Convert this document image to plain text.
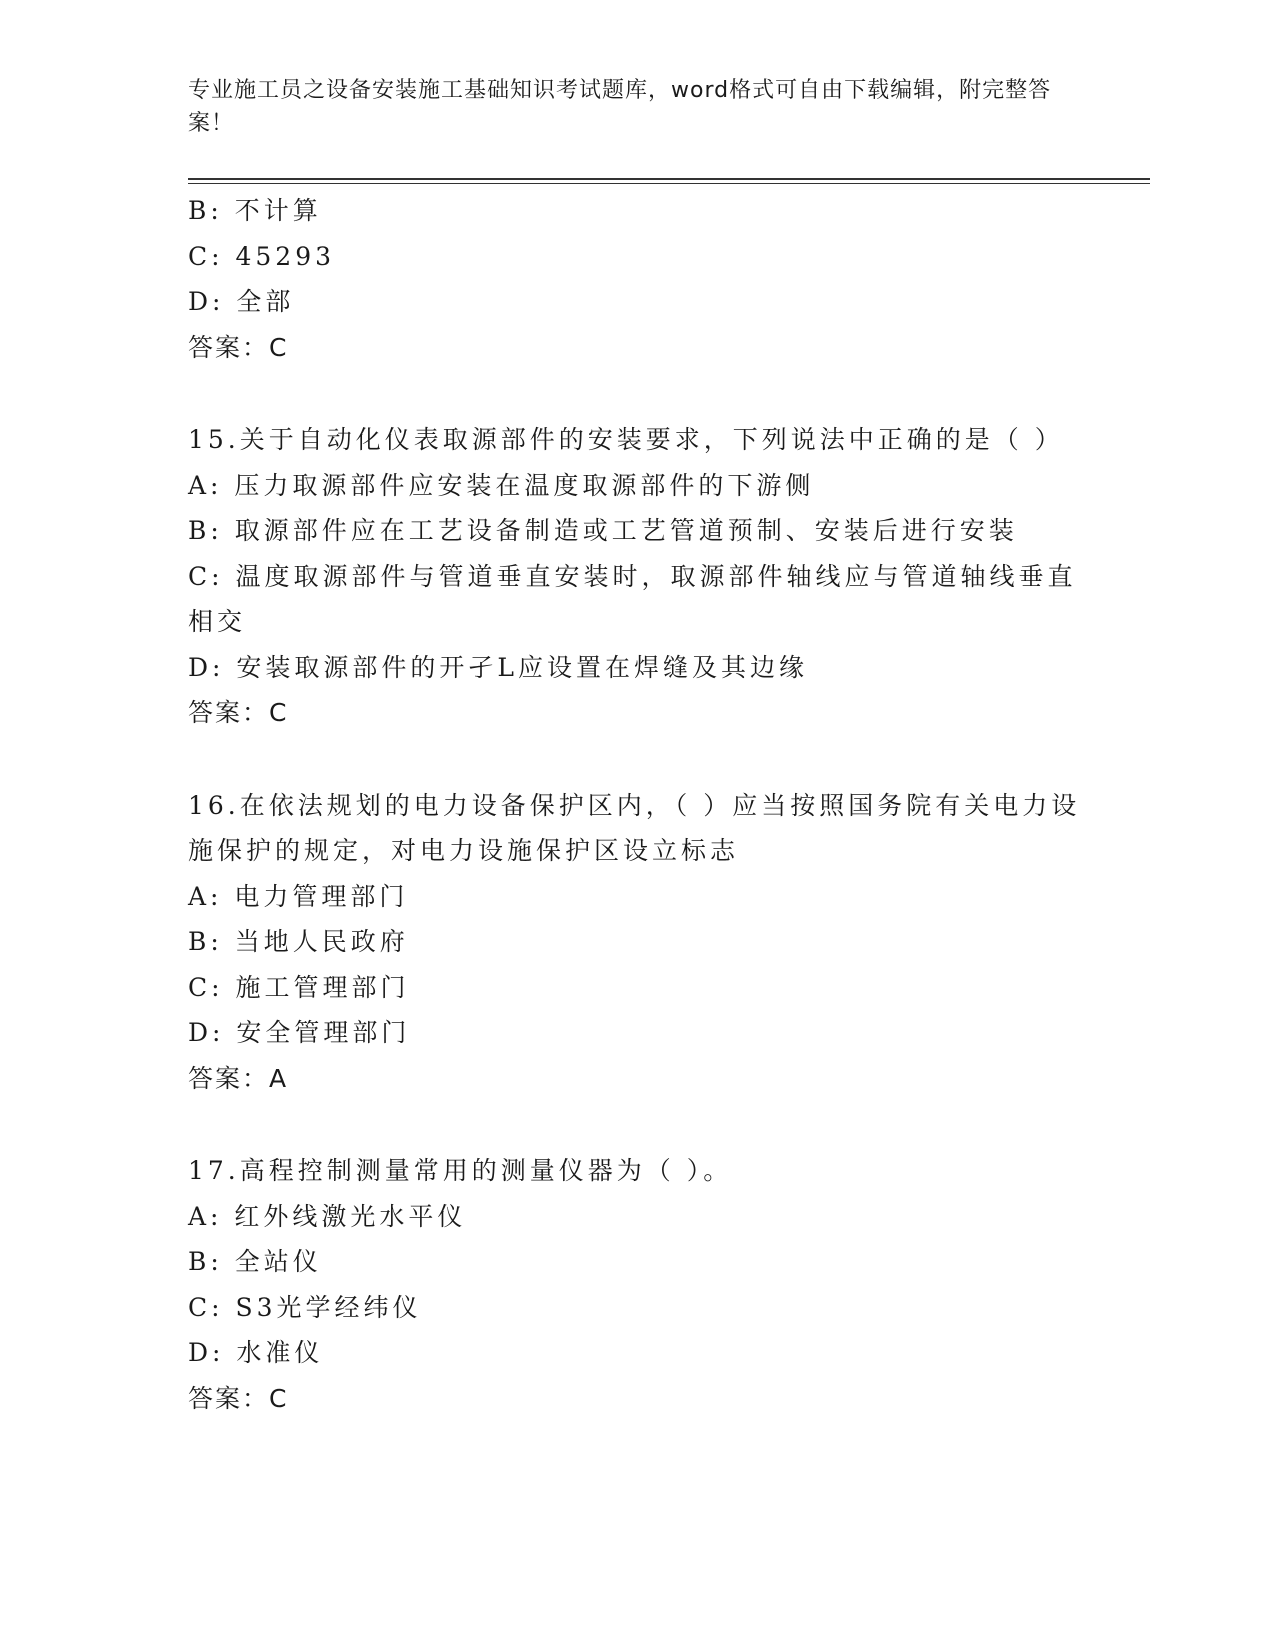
专业施工员之设备安装施工基础知识考试题库，word格式可自由下载编辑，附完整答案！
B: 不计算
C: 45293
D: 全部
答案：C
15.关于自动化仪表取源部件的安装要求，下列说法中正确的是（ ）
A: 压力取源部件应安装在温度取源部件的下游侧
B: 取源部件应在工艺设备制造或工艺管道预制、安装后进行安装
C: 温度取源部件与管道垂直安装时，取源部件轴线应与管道轴线垂直相交
D: 安装取源部件的开孑L应设置在焊缝及其边缘
答案：C
16.在依法规划的电力设备保护区内，（ ）应当按照国务院有关电力设施保护的规定，对电力设施保护区设立标志
A: 电力管理部门
B: 当地人民政府
C: 施工管理部门
D: 安全管理部门
答案：A
17.高程控制测量常用的测量仪器为（ ）。
A: 红外线激光水平仪
B: 全站仪
C: S3光学经纬仪
D: 水准仪
答案：C
